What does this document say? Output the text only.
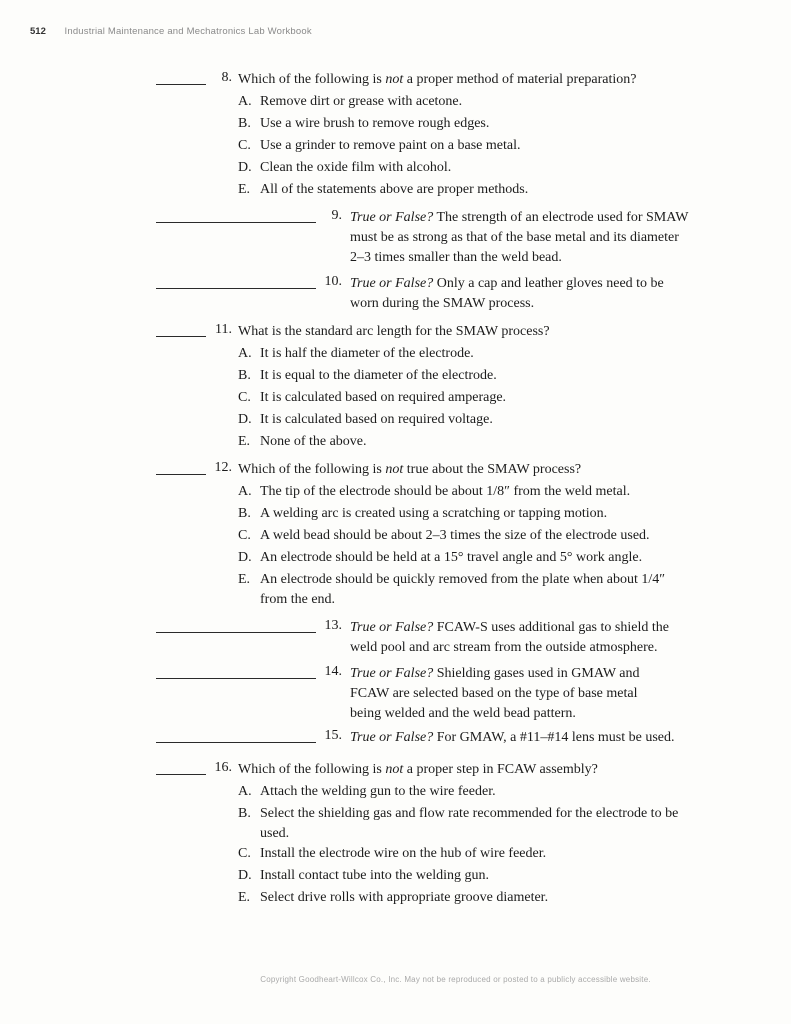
512 Industrial Maintenance and Mechatronics Lab Workbook
8. Which of the following is not a proper method of material preparation?
A. Remove dirt or grease with acetone.
B. Use a wire brush to remove rough edges.
C. Use a grinder to remove paint on a base metal.
D. Clean the oxide film with alcohol.
E. All of the statements above are proper methods.
9. True or False? The strength of an electrode used for SMAW must be as strong as that of the base metal and its diameter 2–3 times smaller than the weld bead.
10. True or False? Only a cap and leather gloves need to be worn during the SMAW process.
11. What is the standard arc length for the SMAW process?
A. It is half the diameter of the electrode.
B. It is equal to the diameter of the electrode.
C. It is calculated based on required amperage.
D. It is calculated based on required voltage.
E. None of the above.
12. Which of the following is not true about the SMAW process?
A. The tip of the electrode should be about 1/8″ from the weld metal.
B. A welding arc is created using a scratching or tapping motion.
C. A weld bead should be about 2–3 times the size of the electrode used.
D. An electrode should be held at a 15° travel angle and 5° work angle.
E. An electrode should be quickly removed from the plate when about 1/4″ from the end.
13. True or False? FCAW-S uses additional gas to shield the weld pool and arc stream from the outside atmosphere.
14. True or False? Shielding gases used in GMAW and FCAW are selected based on the type of base metal being welded and the weld bead pattern.
15. True or False? For GMAW, a #11–#14 lens must be used.
16. Which of the following is not a proper step in FCAW assembly?
A. Attach the welding gun to the wire feeder.
B. Select the shielding gas and flow rate recommended for the electrode to be used.
C. Install the electrode wire on the hub of wire feeder.
D. Install contact tube into the welding gun.
E. Select drive rolls with appropriate groove diameter.
Copyright Goodheart-Willcox Co., Inc. May not be reproduced or posted to a publicly accessible website.
